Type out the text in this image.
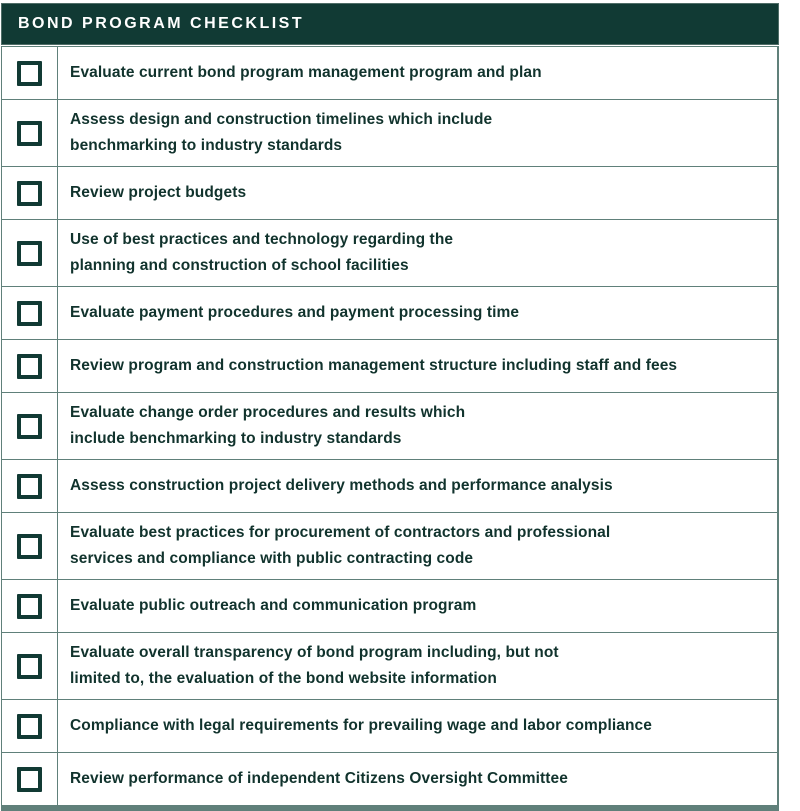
BOND PROGRAM CHECKLIST
Evaluate current bond program management program and plan
Assess design and construction timelines which include
benchmarking to industry standards
Review project budgets
Use of best practices and technology regarding the
planning and construction of school facilities
Evaluate payment procedures and payment processing time
Review program and construction management structure including staff and fees
Evaluate change order procedures and results which
include benchmarking to industry standards
Assess construction project delivery methods and performance analysis
Evaluate best practices for procurement of contractors and professional
services and compliance with public contracting code
Evaluate public outreach and communication program
Evaluate overall transparency of bond program including, but not
limited to, the evaluation of the bond website information
Compliance with legal requirements for prevailing wage and labor compliance
Review performance of independent Citizens Oversight Committee
